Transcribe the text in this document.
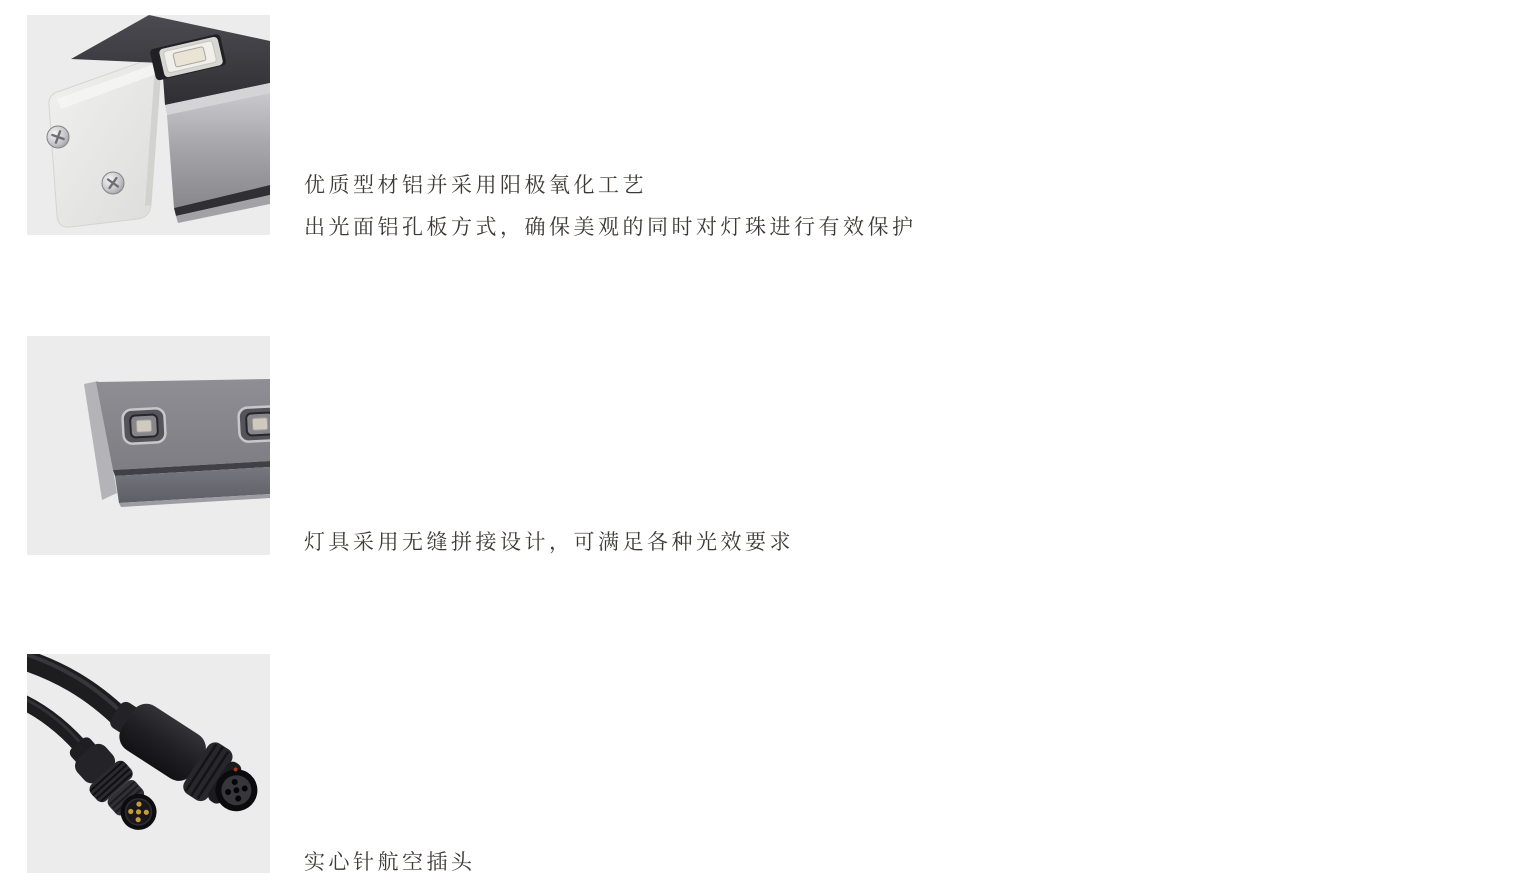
优质型材铝并采用阳极氧化工艺
出光面铝孔板方式，确保美观的同时对灯珠进行有效保护
灯具采用无缝拼接设计，可满足各种光效要求
实心针航空插头
